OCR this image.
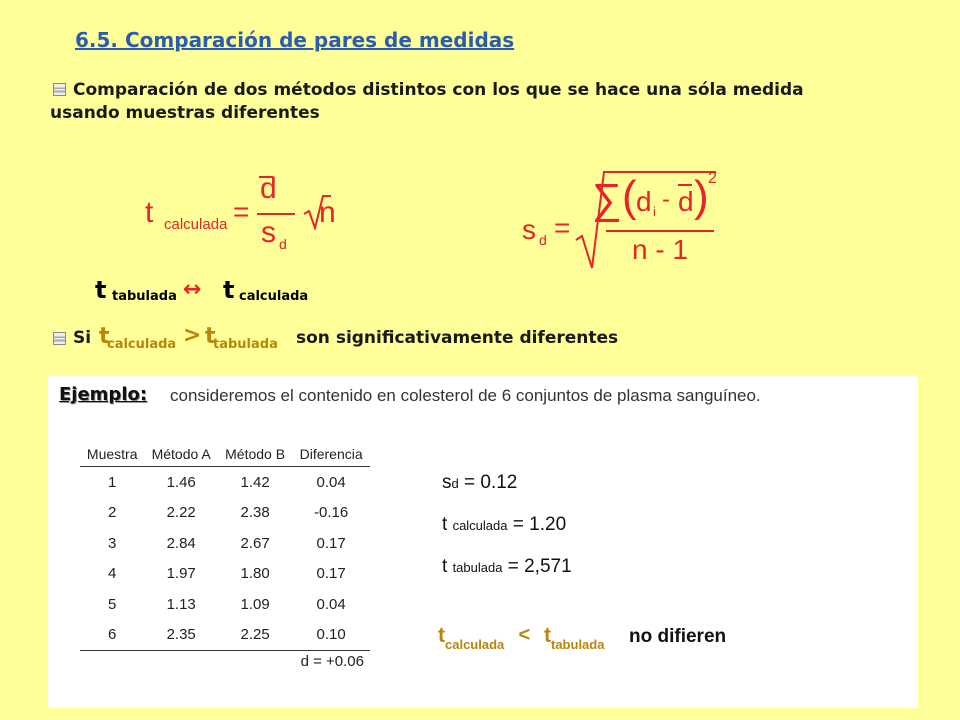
6.5. Comparación de pares de medidas
Comparación de dos métodos distintos con los que se hace una sóla medida
usando muestras diferentes
t calculada =
d
s d
n
s d =
∑ ( d i - d ) 2
n - 1
t tabulada ↔ t calculada
Si t
calculada > t
tabulada son significativamente diferentes
Ejemplo: consideremos el contenido en colesterol de 6 conjuntos de plasma sanguíneo.
Muestra	Método A	Método B	Diferencia
1	1.46	1.42	0.04
2	2.22	2.38	-0.16
3	2.84	2.67	0.17
4	1.97	1.80	0.17
5	1.13	1.09	0.04
6	2.35	2.25	0.10
d = +0.06
sd = 0.12
t calculada = 1.20
t tabulada = 2,571
t calculada < t tabulada no difieren
